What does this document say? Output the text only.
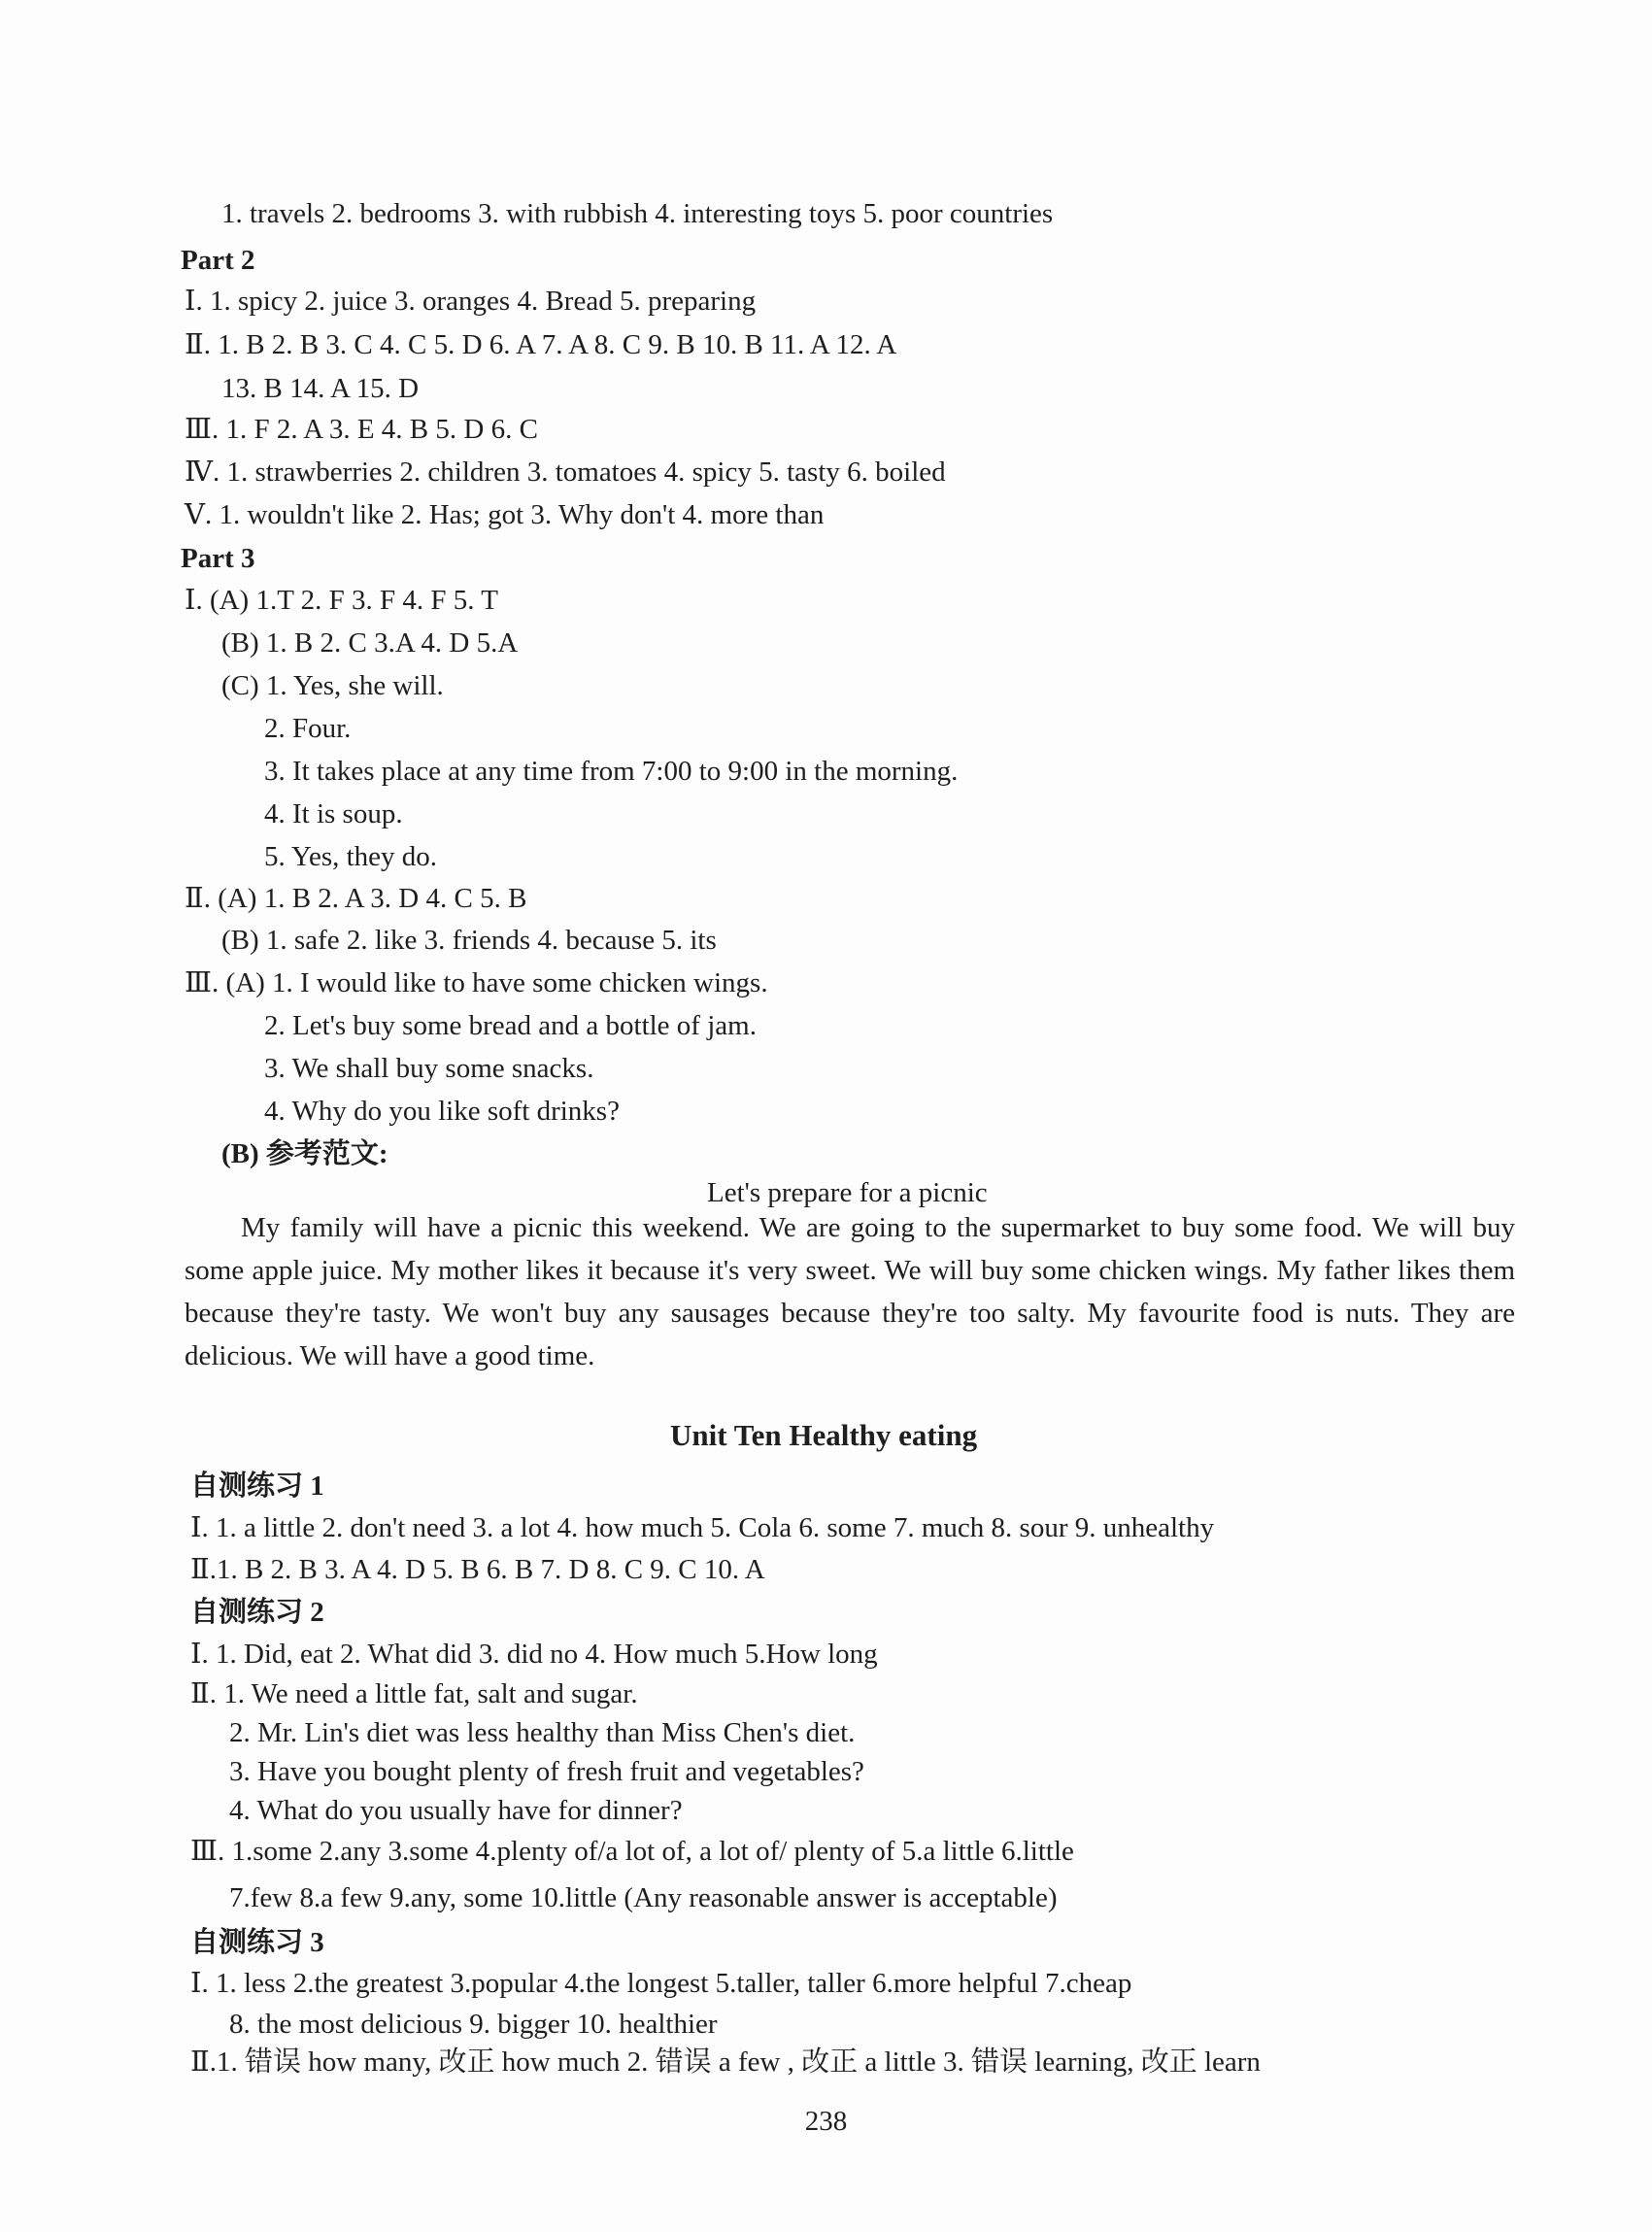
1. travels 2. bedrooms 3. with rubbish 4. interesting toys 5. poor countries
Part 2
Ⅰ. 1. spicy 2. juice 3. oranges 4. Bread 5. preparing
Ⅱ. 1. B 2. B 3. C 4. C 5. D 6. A 7. A 8. C 9. B 10. B 11. A 12. A
13. B 14. A 15. D
Ⅲ. 1. F 2. A 3. E 4. B 5. D 6. C
Ⅳ. 1. strawberries 2. children 3. tomatoes 4. spicy 5. tasty 6. boiled
Ⅴ. 1. wouldn't like 2. Has; got 3. Why don't 4. more than
Part 3
Ⅰ. (A) 1.T 2. F 3. F 4. F 5. T
(B) 1. B 2. C 3.A 4. D 5.A
(C) 1. Yes, she will.
2. Four.
3. It takes place at any time from 7:00 to 9:00 in the morning.
4. It is soup.
5. Yes, they do.
Ⅱ. (A) 1. B 2. A 3. D 4. C 5. B
(B) 1. safe 2. like 3. friends 4. because 5. its
Ⅲ. (A) 1. I would like to have some chicken wings.
2. Let's buy some bread and a bottle of jam.
3. We shall buy some snacks.
4. Why do you like soft drinks?
(B) 参考范文:
Let's prepare for a picnic
My family will have a picnic this weekend. We are going to the supermarket to buy some food. We will buy some apple juice. My mother likes it because it's very sweet. We will buy some chicken wings. My father likes them because they're tasty. We won't buy any sausages because they're too salty. My favourite food is nuts. They are delicious. We will have a good time.
Unit Ten Healthy eating
自测练习 1
Ⅰ. 1. a little 2. don't need 3. a lot 4. how much 5. Cola 6. some 7. much 8. sour 9. unhealthy
Ⅱ.1. B 2. B 3. A 4. D 5. B 6. B 7. D 8. C 9. C 10. A
自测练习 2
Ⅰ. 1. Did, eat 2. What did 3. did no 4. How much 5.How long
Ⅱ. 1. We need a little fat, salt and sugar.
2. Mr. Lin's diet was less healthy than Miss Chen's diet.
3. Have you bought plenty of fresh fruit and vegetables?
4. What do you usually have for dinner?
Ⅲ. 1.some 2.any 3.some 4.plenty of/a lot of, a lot of/ plenty of 5.a little 6.little
7.few 8.a few 9.any, some 10.little (Any reasonable answer is acceptable)
自测练习 3
Ⅰ. 1. less 2.the greatest 3.popular 4.the longest 5.taller, taller 6.more helpful 7.cheap
8. the most delicious 9. bigger 10. healthier
Ⅱ.1. 错误 how many, 改正 how much 2. 错误 a few , 改正 a little 3. 错误 learning, 改正 learn
238
